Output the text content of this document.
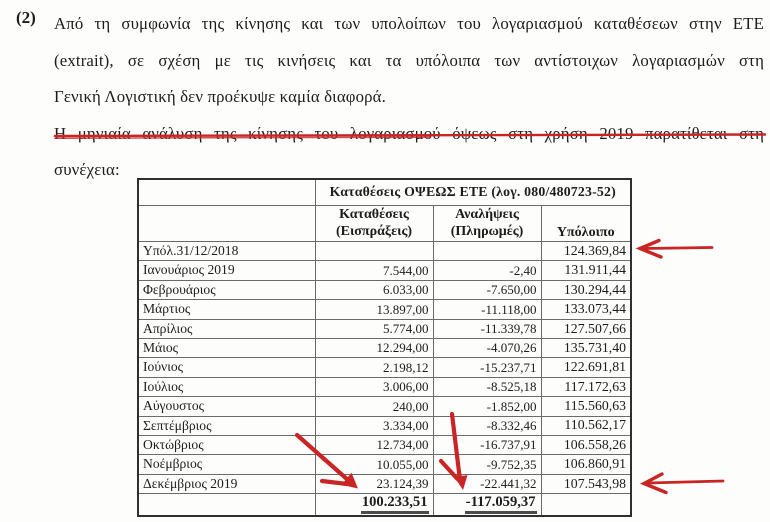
(2) Από τη συμφωνία της κίνησης και των υπολοίπων του λογαριασμού καταθέσεων στην ΕΤΕ
(extrait), σε σχέση με τις κινήσεις και τα υπόλοιπα των αντίστοιχων λογαριασμών στη
Γενική Λογιστική δεν προέκυψε καμία διαφορά.
Η μηνιαία ανάλυση της κίνησης του λογαριασμού όψεως στη χρήση 2019 παρατίθεται στη
συνέχεια:
	Καταθέσεις ΟΨΕΩΣ ΕΤΕ (λογ. 080/480723-52)		

Καταθέσεις
(Εισπράξεις)

Αναλήψεις
(Πληρωμές)	Υπόλοιπο
Υπόλ.31/12/2018			124.369,84
Ιανουάριος 2019	7.544,00	-2,40	131.911,44
Φεβρουάριος	6.033,00	-7.650,00	130.294,44
Μάρτιος	13.897,00	-11.118,00	133.073,44
Απρίλιος	5.774,00	-11.339,78	127.507,66
Μάιος	12.294,00	-4.070,26	135.731,40
Ιούνιος	2.198,12	-15.237,71	122.691,81
Ιούλιος	3.006,00	-8.525,18	117.172,63
Αύγουστος	240,00	-1.852,00	115.560,63
Σεπτέμβριος	3.334,00	-8.332,46	110.562,17
Οκτώβριος	12.734,00	-16.737,91	106.558,26
Νοέμβριος	10.055,00	-9.752,35	106.860,91
Δεκέμβριος 2019	23.124,39	-22.441,32	107.543,98
	100.233,51	-117.059,37	
